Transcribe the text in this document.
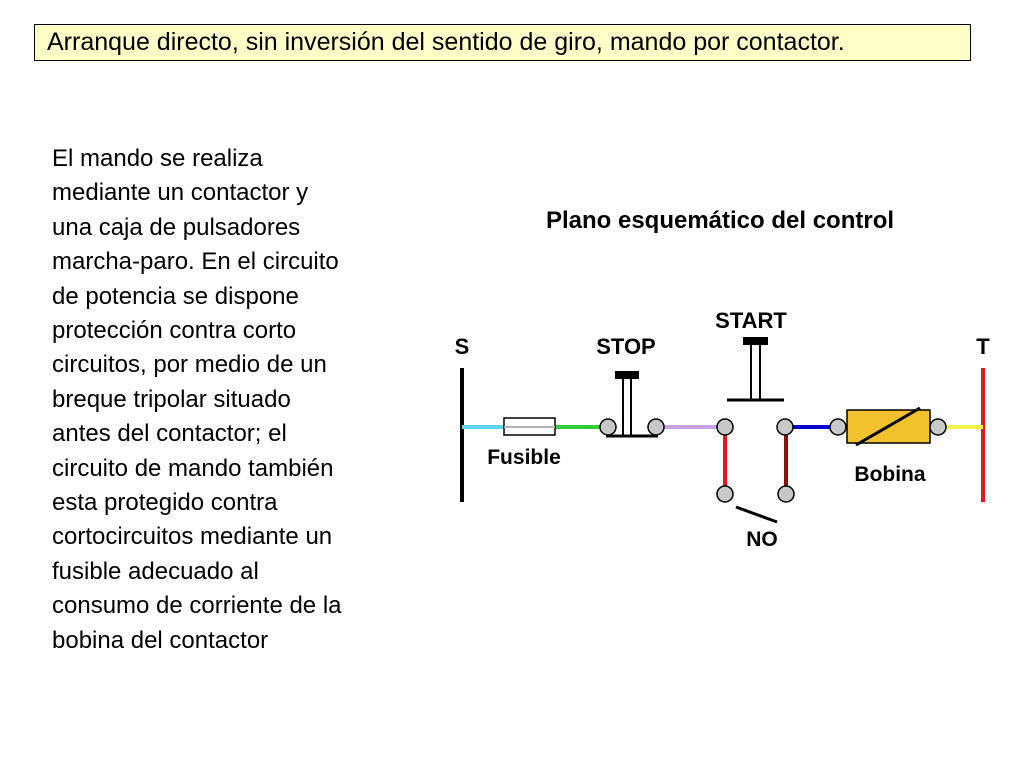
Arranque directo, sin inversión del sentido de giro, mando por contactor.
El mando se realiza
mediante un contactor y
una caja de pulsadores
marcha-paro. En el circuito
de potencia se dispone
protección contra corto
circuitos, por medio de un
breque tripolar situado
antes del contactor; el
circuito de mando también
esta protegido contra
cortocircuitos mediante un
fusible adecuado al
consumo de corriente de la
bobina del contactor
Plano esquemático del control
S	T
STOP
START
Fusible
Bobina
NO
